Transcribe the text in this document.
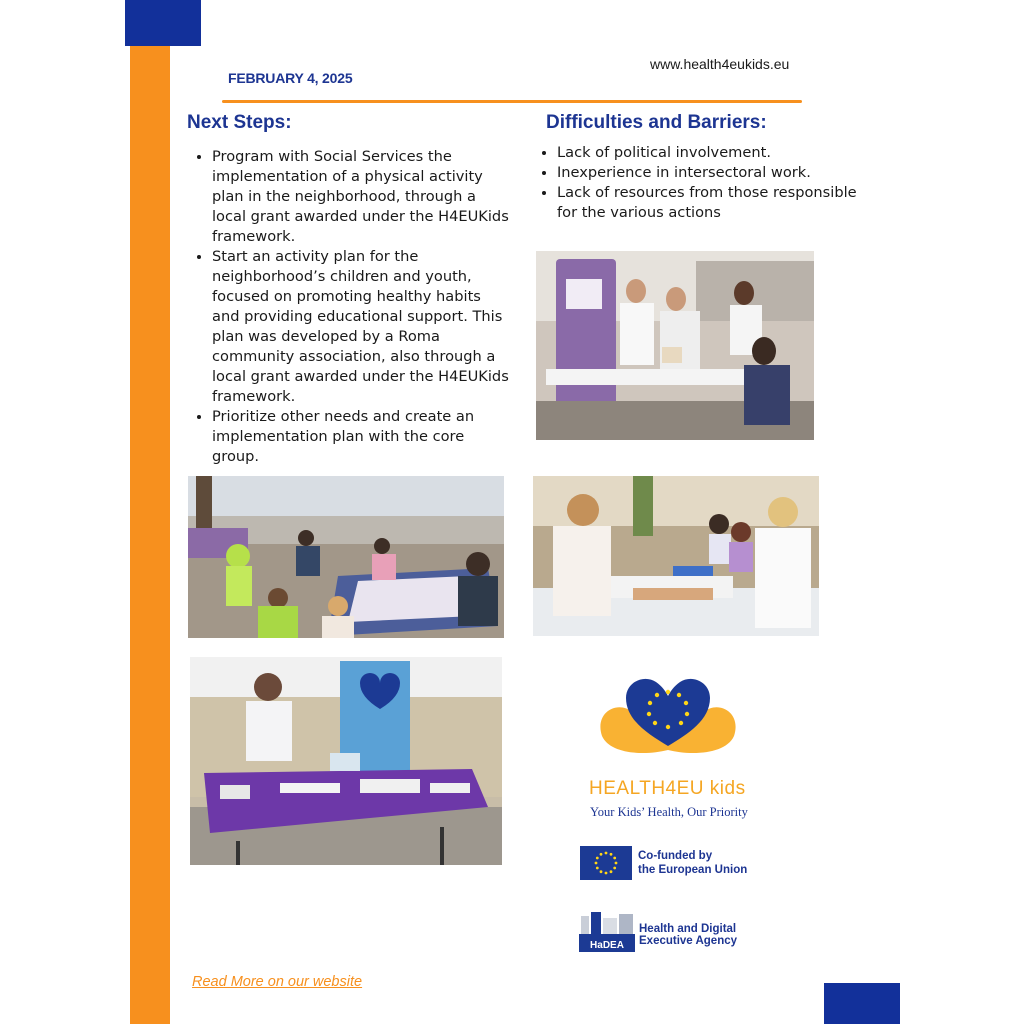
FEBRUARY 4, 2025
www.health4eukids.eu
Next Steps:
• Program with Social Services the implementation of a physical activity plan in the neighborhood, through a local grant awarded under the H4EUKids framework.
• Start an activity plan for the neighborhood’s children and youth, focused on promoting healthy habits and providing educational support. This plan was developed by a Roma community association, also through a local grant awarded under the H4EUKids framework.
• Prioritize other needs and create an implementation plan with the core group.
Difficulties and Barriers:
• Lack of political involvement.
• Inexperience in intersectoral work.
• Lack of resources from those responsible for the various actions
HEALTH4EU kids
Your Kids’ Health, Our Priority
Co-funded by
the European Union
HaDEA
Health and Digital
Executive Agency
Read More on our website
